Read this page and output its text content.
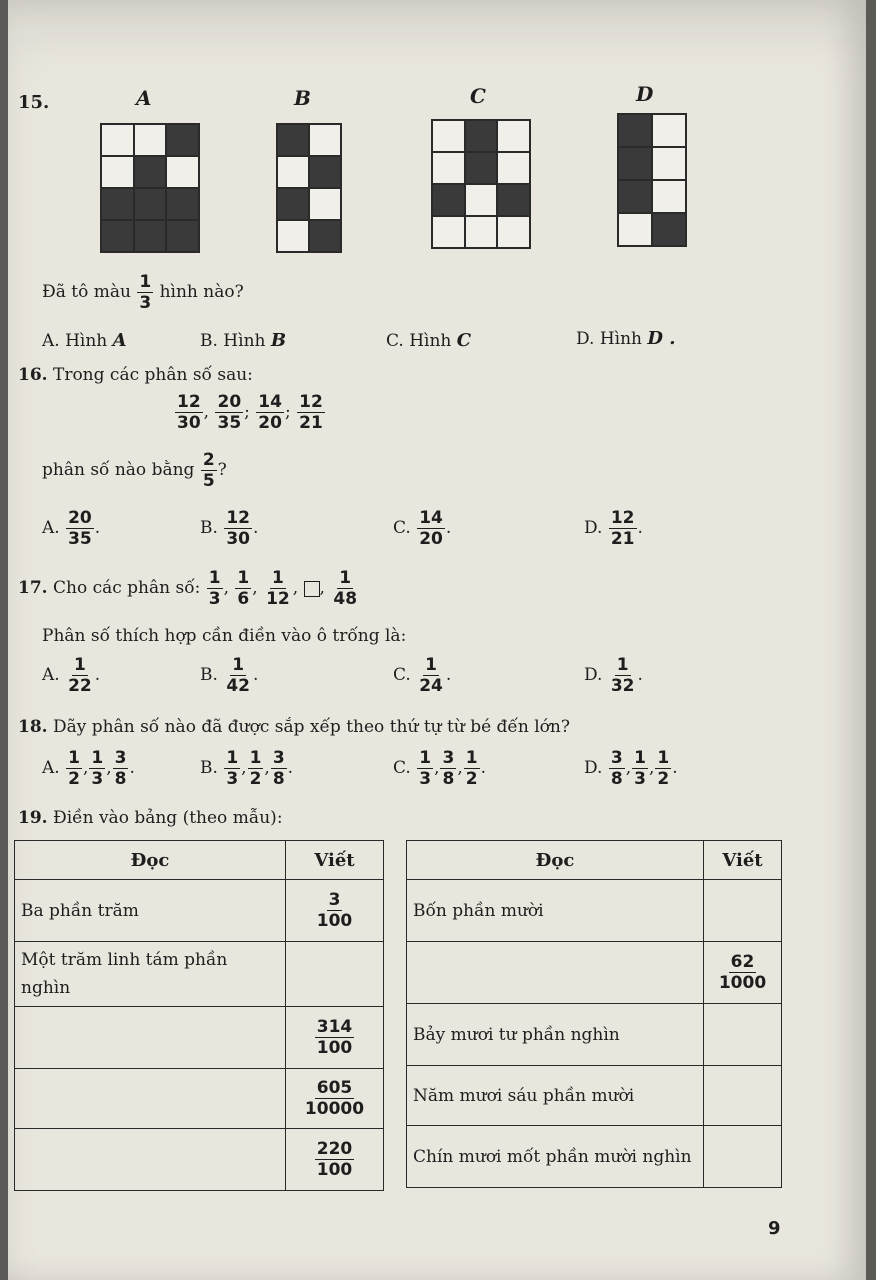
15.	A	B	C	D
Đã tô màu $\frac{1}{3}$ hình nào?
A. Hình A	B. Hình B	C. Hình C	D. Hình D .
16. Trong các phân số sau:
$\frac{12}{30}$ , $\frac{20}{35}$ ; $\frac{14}{20}$ ; $\frac{12}{21}$
phân số nào bằng $\frac{2}{5}$ ?
A. $\frac{20}{35}$ .	B. $\frac{12}{30}$ .	C. $\frac{14}{20}$ .	D. $\frac{12}{21}$ .
17. Cho các phân số: $\frac{1}{3}$ , $\frac{1}{6}$ , $\frac{1}{12}$ , , $\frac{1}{48}$
Phân số thích hợp cần điền vào ô trống là:
A. $\frac{1}{22}$ .	B. $\frac{1}{42}$ .	C. $\frac{1}{24}$ .	D. $\frac{1}{32}$ .
18. Dãy phân số nào đã được sắp xếp theo thứ tự từ bé đến lớn?
A. $\frac{1}{2}$ , $\frac{1}{3}$ , $\frac{3}{8}$ .	B. $\frac{1}{3}$ , $\frac{1}{2}$ , $\frac{3}{8}$ .	C. $\frac{1}{3}$ , $\frac{3}{8}$ , $\frac{1}{2}$ .	D. $\frac{3}{8}$ , $\frac{1}{3}$ , $\frac{1}{2}$ .
19. Điền vào bảng (theo mẫu):
Đọc	Viết
Ba phần trăm	$\frac{3}{100}$

Một trăm linh tám phần nghìn	

	$\frac{314}{100}$

	$\frac{605}{10000}$

	$\frac{220}{100}$
Đọc	Viết
Bốn phần mười	

	$\frac{62}{1000}$

Bảy mươi tư phần nghìn	
Năm mươi sáu phần mười	
Chín mươi mốt phần mười nghìn	
9
